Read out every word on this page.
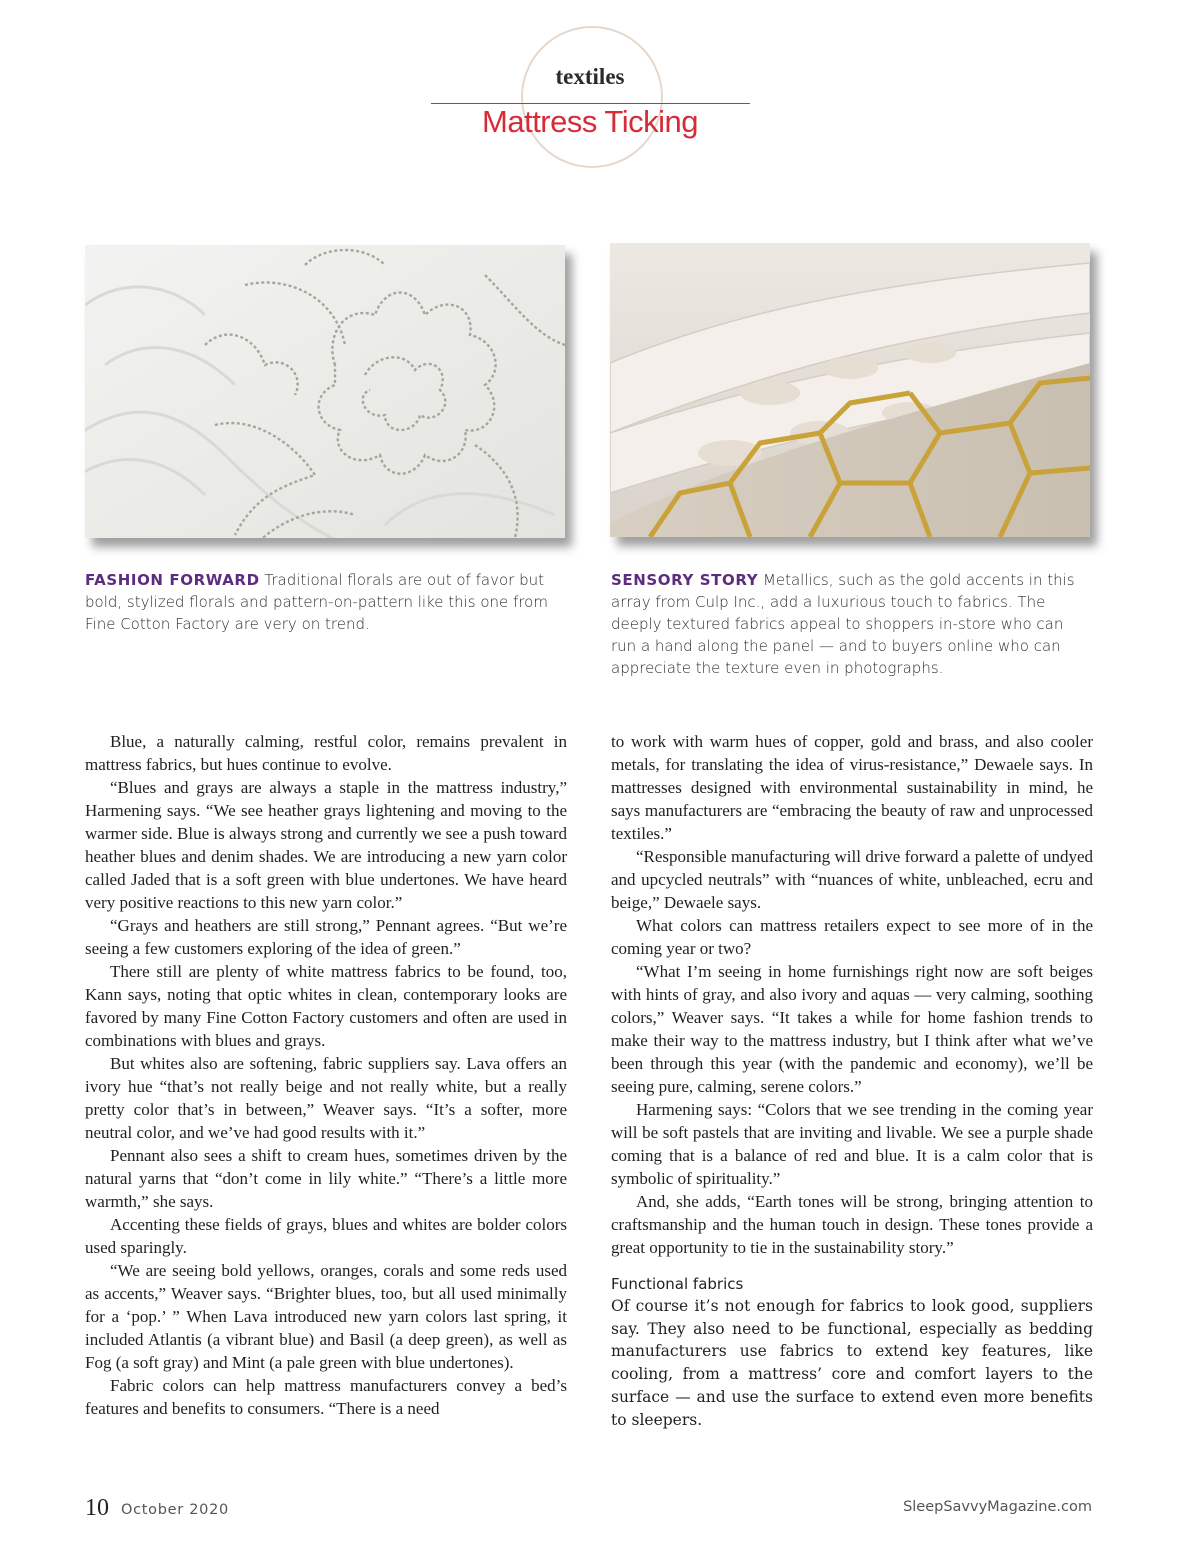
textiles
Mattress Ticking
FASHION FORWARD Traditional florals are out of favor but bold, stylized florals and pattern-on-pattern like this one from Fine Cotton Factory are very on trend.
SENSORY STORY Metallics, such as the gold accents in this array from Culp Inc., add a luxurious touch to fabrics. The deeply textured fabrics appeal to shoppers in-store who can run a hand along the panel — and to buyers online who can appreciate the texture even in photographs.

Blue, a naturally calming, restful color, remains prevalent in mattress fabrics, but hues continue to evolve.

“Blues and grays are always a staple in the mattress industry,” Harmening says. “We see heather grays lightening and moving to the warmer side. Blue is always strong and currently we see a push toward heather blues and denim shades. We are introducing a new yarn color called Jaded that is a soft green with blue undertones. We have heard very positive reactions to this new yarn color.”

“Grays and heathers are still strong,” Pennant agrees. “But we’re seeing a few customers exploring of the idea of green.”

There still are plenty of white mattress fabrics to be found, too, Kann says, noting that optic whites in clean, contemporary looks are favored by many Fine Cotton Factory customers and often are used in combinations with blues and grays.

But whites also are softening, fabric suppliers say. Lava offers an ivory hue “that’s not really beige and not really white, but a really pretty color that’s in between,” Weaver says. “It’s a softer, more neutral color, and we’ve had good results with it.”

Pennant also sees a shift to cream hues, sometimes driven by the natural yarns that “don’t come in lily white.” “There’s a little more warmth,” she says.

Accenting these fields of grays, blues and whites are bolder colors used sparingly.

“We are seeing bold yellows, oranges, corals and some reds used as accents,” Weaver says. “Brighter blues, too, but all used minimally for a ‘pop.’ ” When Lava introduced new yarn colors last spring, it included Atlantis (a vibrant blue) and Basil (a deep green), as well as Fog (a soft gray) and Mint (a pale green with blue undertones).

Fabric colors can help mattress manufacturers convey a bed’s features and benefits to consumers. “There is a need

to work with warm hues of copper, gold and brass, and also cooler metals, for translating the idea of virus-resistance,” Dewaele says. In mattresses designed with environmental sustainability in mind, he says manufacturers are “embracing the beauty of raw and unprocessed textiles.”

“Responsible manufacturing will drive forward a palette of undyed and upcycled neutrals” with “nuances of white, unbleached, ecru and beige,” Dewaele says.

What colors can mattress retailers expect to see more of in the coming year or two?

“What I’m seeing in home furnishings right now are soft beiges with hints of gray, and also ivory and aquas — very calming, soothing colors,” Weaver says. “It takes a while for home fashion trends to make their way to the mattress industry, but I think after what we’ve been through this year (with the pandemic and economy), we’ll be seeing pure, calming, serene colors.”

Harmening says: “Colors that we see trending in the coming year will be soft pastels that are inviting and livable. We see a purple shade coming that is a balance of red and blue. It is a calm color that is symbolic of spirituality.”

And, she adds, “Earth tones will be strong, bringing attention to craftsmanship and the human touch in design. These tones provide a great opportunity to tie in the sustainability story.”

Functional fabrics

Of course it’s not enough for fabrics to look good, suppliers say. They also need to be functional, especially as bedding manufacturers use fabrics to extend key features, like cooling, from a mattress’ core and comfort layers to the surface — and use the surface to extend even more benefits to sleepers.

10 October 2020	SleepSavvyMagazine.com
